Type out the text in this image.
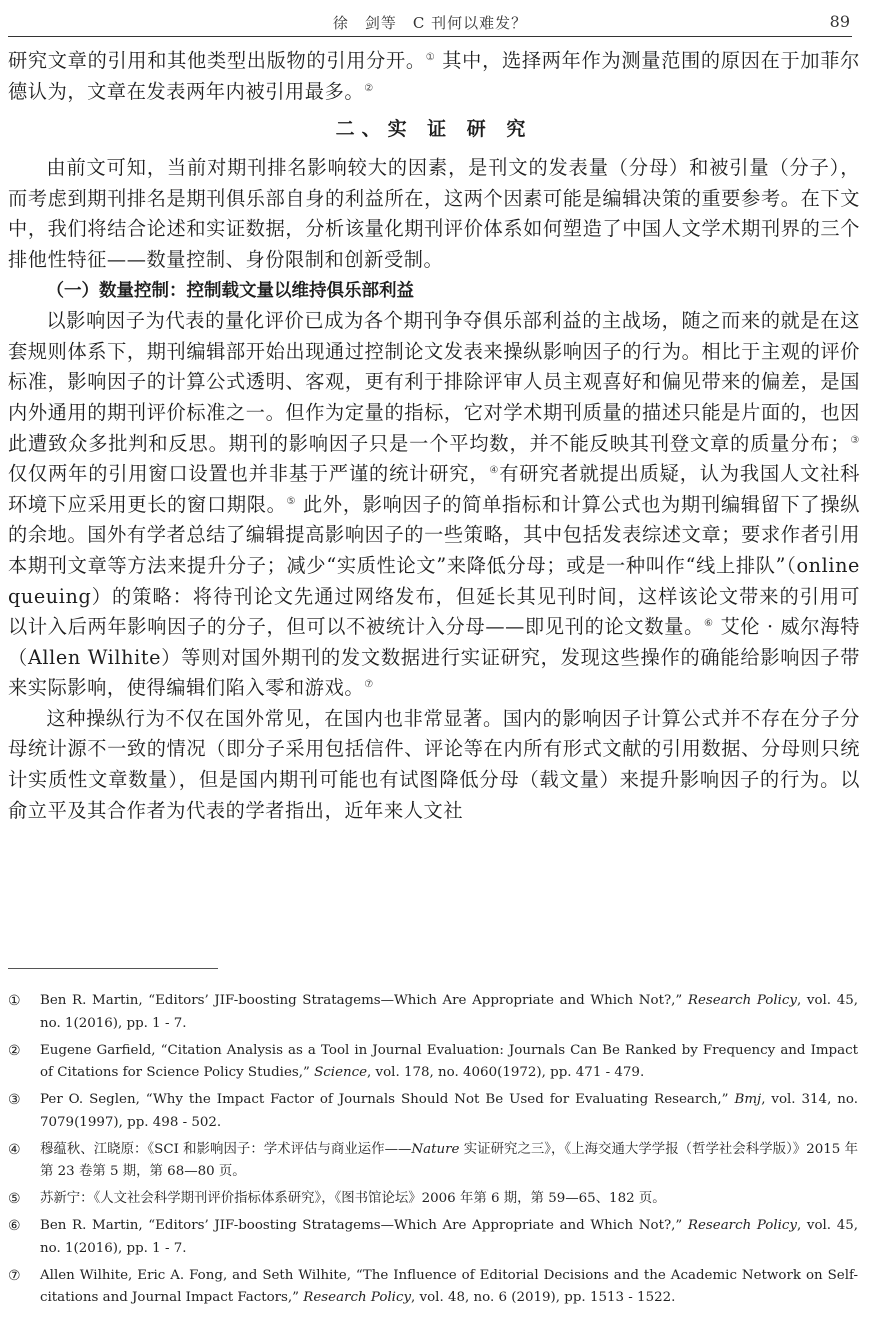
徐　剑等　C 刊何以难发？	89

研究文章的引用和其他类型出版物的引用分开。① 其中，选择两年作为测量范围的原因在于加菲尔德认为，文章在发表两年内被引用最多。②

二、实 证 研 究

由前文可知，当前对期刊排名影响较大的因素，是刊文的发表量（分母）和被引量（分子），而考虑到期刊排名是期刊俱乐部自身的利益所在，这两个因素可能是编辑决策的重要参考。在下文中，我们将结合论述和实证数据，分析该量化期刊评价体系如何塑造了中国人文学术期刊界的三个排他性特征——数量控制、身份限制和创新受制。

（一）数量控制：控制载文量以维持俱乐部利益

以影响因子为代表的量化评价已成为各个期刊争夺俱乐部利益的主战场，随之而来的就是在这套规则体系下，期刊编辑部开始出现通过控制论文发表来操纵影响因子的行为。相比于主观的评价标准，影响因子的计算公式透明、客观，更有利于排除评审人员主观喜好和偏见带来的偏差，是国内外通用的期刊评价标准之一。但作为定量的指标，它对学术期刊质量的描述只能是片面的，也因此遭致众多批判和反思。期刊的影响因子只是一个平均数，并不能反映其刊登文章的质量分布；③仅仅两年的引用窗口设置也并非基于严谨的统计研究，④有研究者就提出质疑，认为我国人文社科环境下应采用更长的窗口期限。⑤ 此外，影响因子的简单指标和计算公式也为期刊编辑留下了操纵的余地。国外有学者总结了编辑提高影响因子的一些策略，其中包括发表综述文章；要求作者引用本期刊文章等方法来提升分子；减少“实质性论文”来降低分母；或是一种叫作“线上排队”（online queuing）的策略：将待刊论文先通过网络发布，但延长其见刊时间，这样该论文带来的引用可以计入后两年影响因子的分子，但可以不被统计入分母——即见刊的论文数量。⑥ 艾伦 · 威尔海特（Allen Wilhite）等则对国外期刊的发文数据进行实证研究，发现这些操作的确能给影响因子带来实际影响，使得编辑们陷入零和游戏。⑦

这种操纵行为不仅在国外常见，在国内也非常显著。国内的影响因子计算公式并不存在分子分母统计源不一致的情况（即分子采用包括信件、评论等在内所有形式文献的引用数据、分母则只统计实质性文章数量），但是国内期刊可能也有试图降低分母（载文量）来提升影响因子的行为。以俞立平及其合作者为代表的学者指出，近年来人文社

① Ben R. Martin, “Editors’ JIF-boosting Stratagems—Which Are Appropriate and Which Not?,” Research Policy, vol. 45, no. 1(2016), pp. 1 - 7.

② Eugene Garfield, “Citation Analysis as a Tool in Journal Evaluation: Journals Can Be Ranked by Frequency and Impact of Citations for Science Policy Studies,” Science, vol. 178, no. 4060(1972), pp. 471 - 479.

③ Per O. Seglen, “Why the Impact Factor of Journals Should Not Be Used for Evaluating Research,” Bmj, vol. 314, no. 7079(1997), pp. 498 - 502.

④ 穆蕴秋、江晓原：《SCI 和影响因子：学术评估与商业运作——Nature 实证研究之三》，《上海交通大学学报（哲学社会科学版）》2015 年第 23 卷第 5 期，第 68—80 页。

⑤ 苏新宁：《人文社会科学期刊评价指标体系研究》，《图书馆论坛》2006 年第 6 期，第 59—65、182 页。

⑥ Ben R. Martin, “Editors’ JIF-boosting Stratagems—Which Are Appropriate and Which Not?,” Research Policy, vol. 45, no. 1(2016), pp. 1 - 7.

⑦ Allen Wilhite, Eric A. Fong, and Seth Wilhite, “The Influence of Editorial Decisions and the Academic Network on Self-citations and Journal Impact Factors,” Research Policy, vol. 48, no. 6 (2019), pp. 1513 - 1522.
